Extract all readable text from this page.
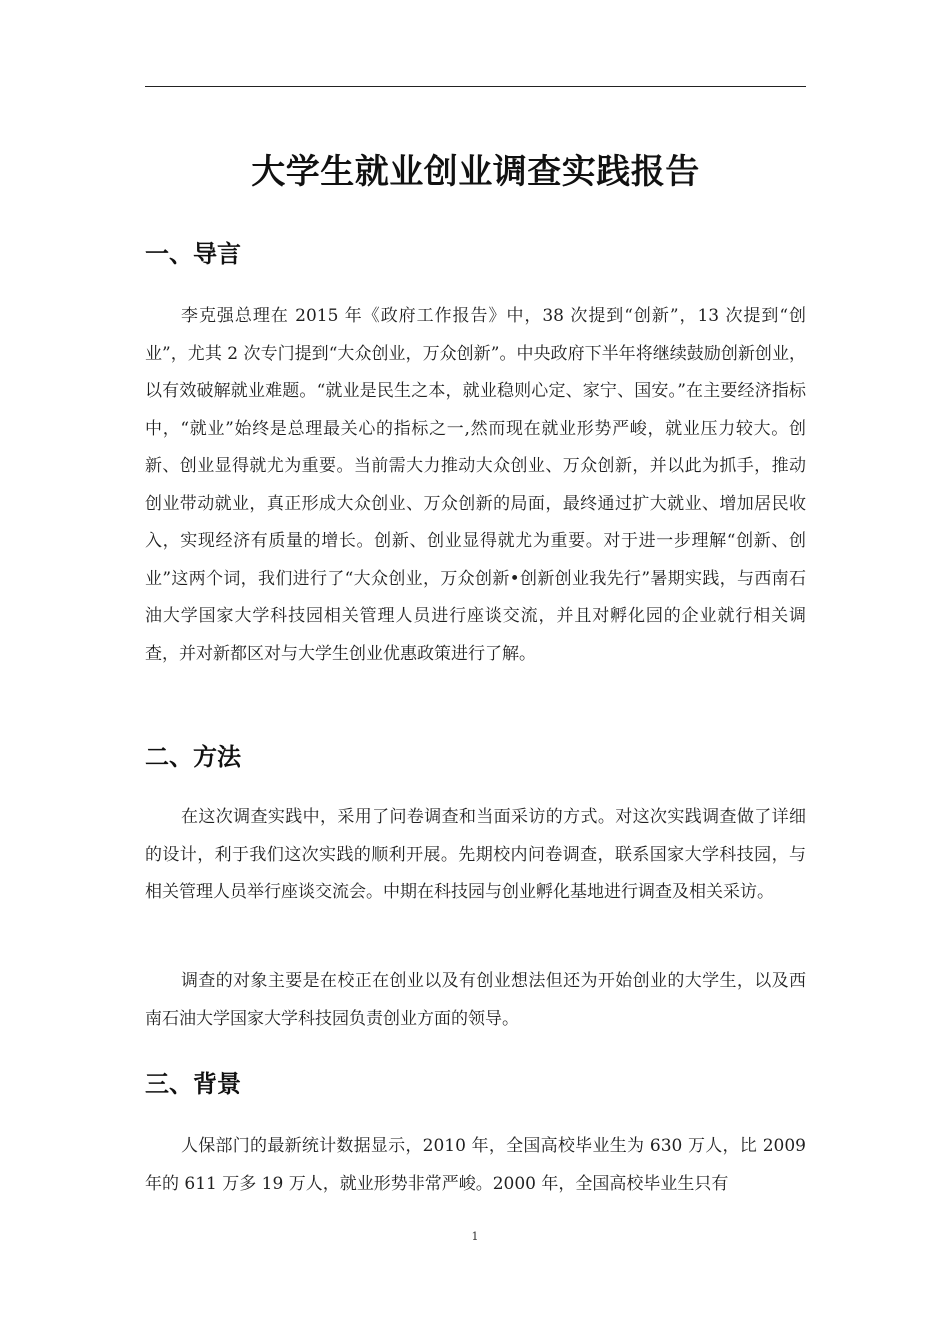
大学生就业创业调查实践报告
一、导言

李克强总理在 2015 年《政府工作报告》中，38 次提到“创新”，13 次提到“创业”，尤其 2 次专门提到“大众创业，万众创新”。中央政府下半年将继续鼓励创新创业，以有效破解就业难题。“就业是民生之本，就业稳则心定、家宁、国安。”在主要经济指标中，“就业”始终是总理最关心的指标之一,然而现在就业形势严峻，就业压力较大。创新、创业显得就尤为重要。当前需大力推动大众创业、万众创新，并以此为抓手，推动创业带动就业，真正形成大众创业、万众创新的局面，最终通过扩大就业、增加居民收入，实现经济有质量的增长。创新、创业显得就尤为重要。对于进一步理解“创新、创业”这两个词，我们进行了“大众创业，万众创新•创新创业我先行”暑期实践，与西南石油大学国家大学科技园相关管理人员进行座谈交流，并且对孵化园的企业就行相关调查，并对新都区对与大学生创业优惠政策进行了解。

二、方法

在这次调查实践中，采用了问卷调查和当面采访的方式。对这次实践调查做了详细的设计，利于我们这次实践的顺利开展。先期校内问卷调查，联系国家大学科技园，与相关管理人员举行座谈交流会。中期在科技园与创业孵化基地进行调查及相关采访。

调查的对象主要是在校正在创业以及有创业想法但还为开始创业的大学生，以及西南石油大学国家大学科技园负责创业方面的领导。

三、背景

人保部门的最新统计数据显示，2010 年，全国高校毕业生为 630 万人，比 2009 年的 611 万多 19 万人，就业形势非常严峻。2000 年，全国高校毕业生只有

1
